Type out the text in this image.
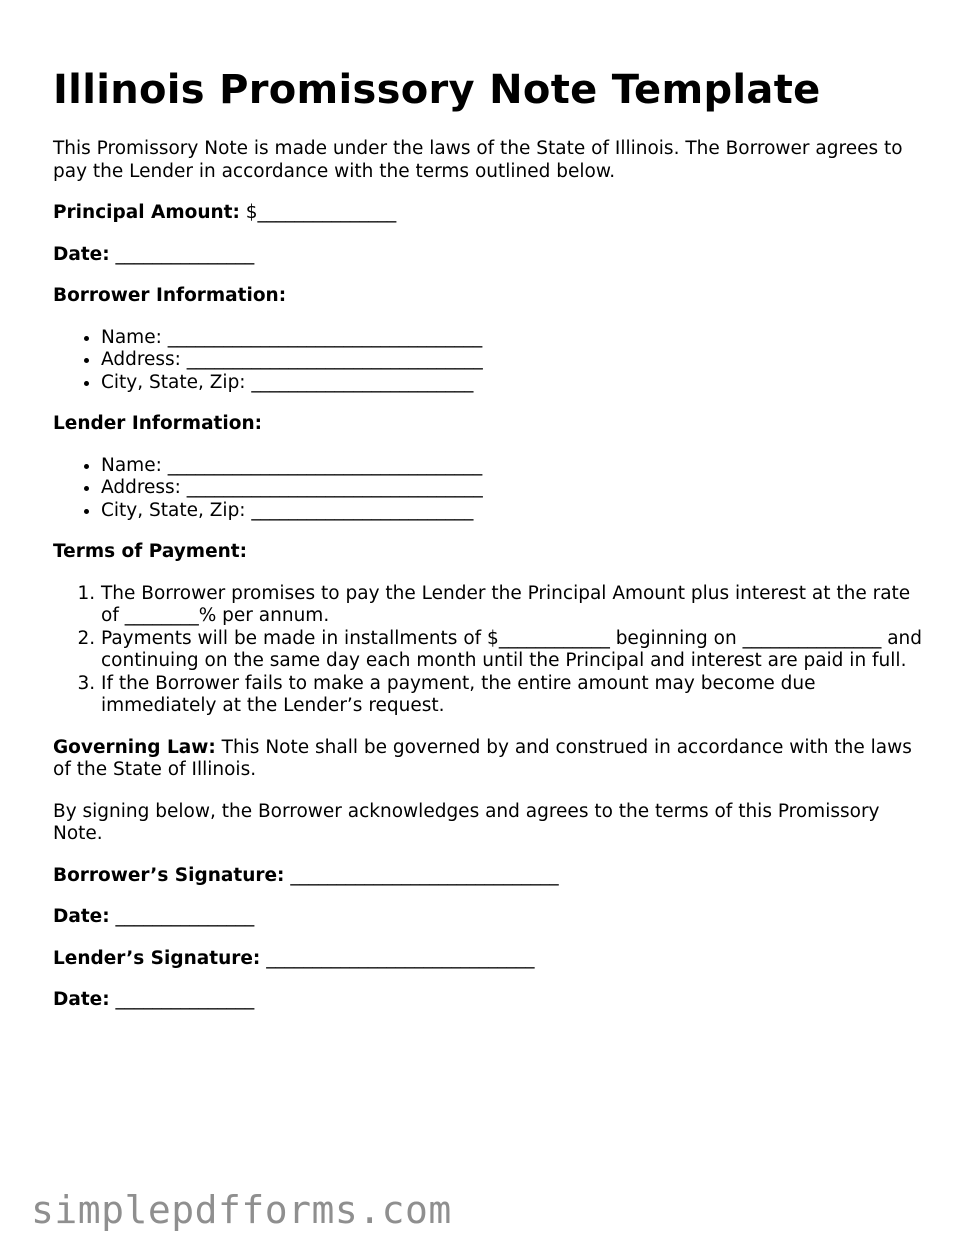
Illinois Promissory Note Template

This Promissory Note is made under the laws of the State of Illinois. The Borrower agrees to pay the Lender in accordance with the terms outlined below.

Principal Amount: $_______________
Date: _______________
Borrower Information:
• Name: __________________________________
• Address: ________________________________
• City, State, Zip: ________________________
Lender Information:
• Name: __________________________________
• Address: ________________________________
• City, State, Zip: ________________________
Terms of Payment:
1. The Borrower promises to pay the Lender the Principal Amount plus interest at the rate of ________% per annum.
2. Payments will be made in installments of $____________ beginning on _______________ and continuing on the same day each month until the Principal and interest are paid in full.
3. If the Borrower fails to make a payment, the entire amount may become due immediately at the Lender’s request.

Governing Law: This Note shall be governed by and construed in accordance with the laws of the State of Illinois.

By signing below, the Borrower acknowledges and agrees to the terms of this Promissory Note.

Borrower’s Signature: _____________________________
Date: _______________
Lender’s Signature: _____________________________
Date: _______________
simplepdfforms.com
